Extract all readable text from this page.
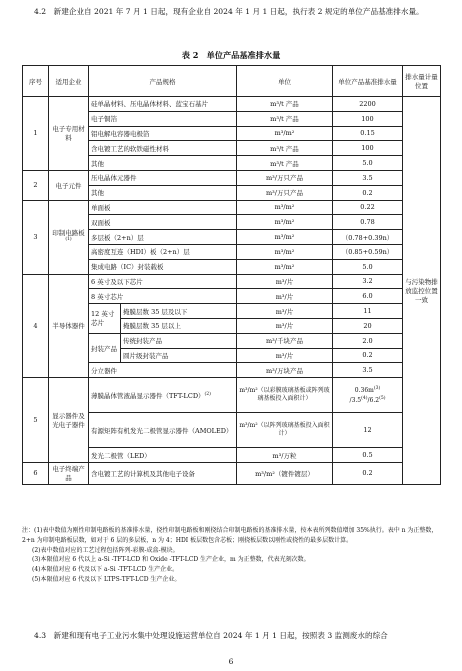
4.2　新建企业自 2021 年 7 月 1 日起，现有企业自 2024 年 1 月 1 日起，执行表 2 规定的单位产品基准排水量。
表 2　单位产品基准排水量
序号	适用企业	产品规格		单位	单位产品基准排水量	排水量计量位置
1	电子专用材料	硅单晶材料、压电晶体材料、蓝宝石基片		m³/t 产品	2200	与污染物排放监控位置一致
		电子铜箔		m³/t 产品	100	
		铝电解电容器电极箔		m³/m²	0.15	
		含电镀工艺的软铁磁性材料		m³/t 产品	100	
		其他		m³/t 产品	5.0	
2	电子元件	压电晶体元器件		m³/万只产品	3.5	
		其他		m³/万只产品	0.2	
3	印制电路板$^{(1)}$	单面板		m³/m²	0.22	
		双面板		m³/m²	0.78	
		多层板（2+n）层		m³/m²	（0.78+0.39n）	
		高密度互连（HDI）板（2+n）层		m³/m²	（0.85+0.59n）	
		集成电路（IC）封装载板		m³/m²	5.0	
4	半导体器件	6 英寸及以下芯片		m³/片	3.2	
		8 英寸芯片		m³/片	6.0	
		12 英寸芯片	掩膜层数 35 层及以下	m³/片	11	
			掩膜层数 35 层以上	m³/片	20	
		封装产品	传统封装产品	m³/千块产品	2.0	
			圆片级封装产品	m³/片	0.2	
		分立器件		m³/万块产品	3.5	
5	显示器件及光电子器件	薄膜晶体管液晶显示器件$(TFT-LCD)^{(2)}$		m³/m²（以彩膜玻璃基板或阵列玻璃基板投入面积计）	$0.36m^{(3)}$
/3.5$^{(4)}$/6.2$^{(5)}$
		有源矩阵有机发光二极管显示器件（AMOLED）		m³/m²（以阵列玻璃基板投入面积计）	12	
		发光二极管（LED）		m³/万粒	0.5	
6	电子终端产品	含电镀工艺的计算机及其他电子设备		m³/m²（镀件镀层）	0.2	
注：(1)表中数值为刚性印制电路板的基准排水量，挠性印制电路板和刚挠结合印制电路板的基准排水量，按本表所列数值增加 35%执行。表中 n 为正整数，2+n 为印制电路板层数，如对于 6 层的多层板，n 为 4；HDI 板层数包含芯板；刚挠板层数以刚性或挠性的最多层数计算。
(2)表中数值对应的工艺过程包括阵列-彩膜-成盒-模块。
(3)本限值对应 6 代以上 a-Si -TFT-LCD 和 Oxide -TFT-LCD 生产企业，m 为正整数，代表光刻次数。
(4)本限值对应 6 代及以下 a-Si -TFT-LCD 生产企业。
(5)本限值对应 6 代及以下 LTPS-TFT-LCD 生产企业。
4.3　新建和现有电子工业污水集中处理设施运营单位自 2024 年 1 月 1 日起，按照表 3 监测废水的综合
6
